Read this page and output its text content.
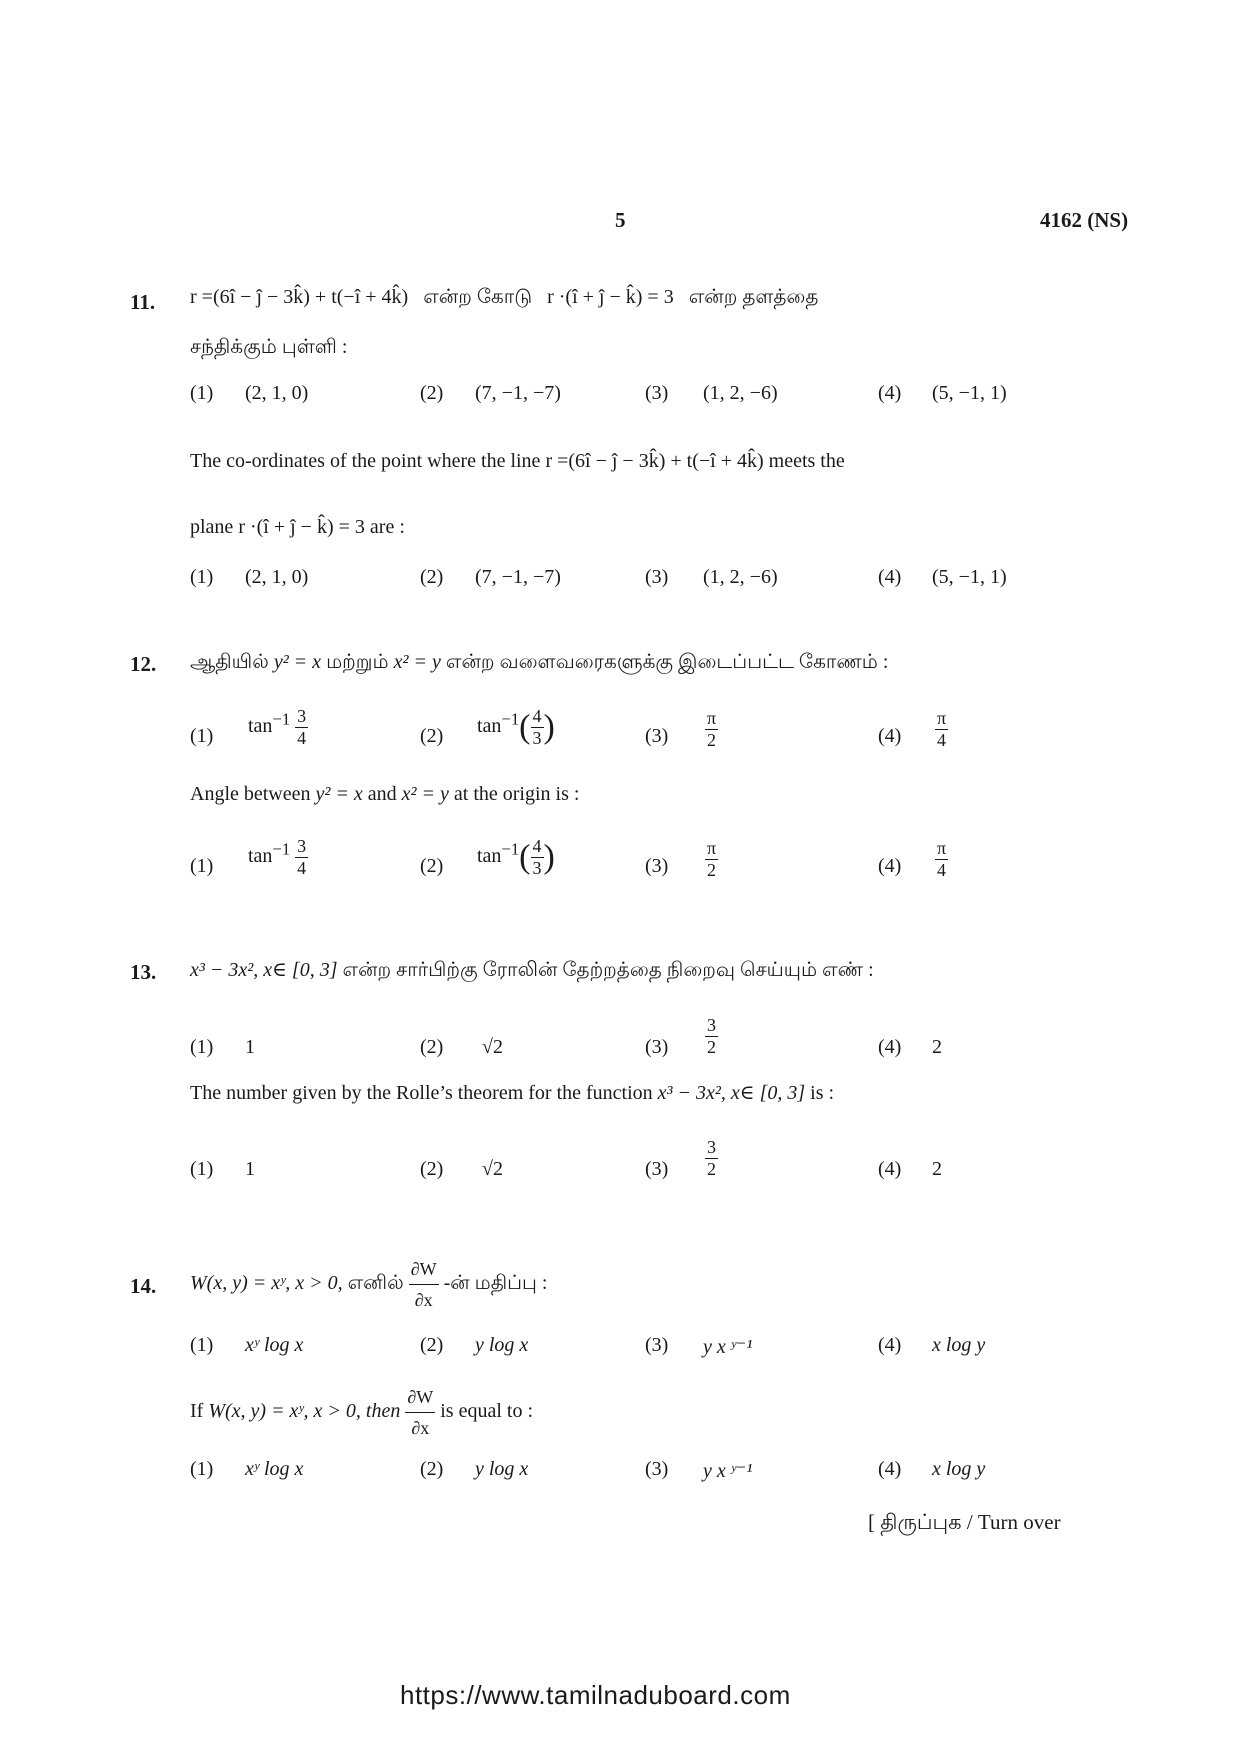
5	4162 (NS)
11. r =(6î − ĵ − 3k̂) + t(−î + 4k̂) என்ற கோடு r ·(î + ĵ − k̂) = 3 என்ற தளத்தை
சந்திக்கும் புள்ளி :
(1) (2, 1, 0)	(2) (7, −1, −7)	(3) (1, 2, −6)	(4) (5, −1, 1)
The co-ordinates of the point where the line r =(6î − ĵ − 3k̂) + t(−î + 4k̂) meets the
plane r ·(î + ĵ − k̂) = 3 are :
(1) (2, 1, 0)	(2) (7, −1, −7)	(3) (1, 2, −6)	(4) (5, −1, 1)
12. ஆதியில் y² = x மற்றும் x² = y என்ற வளைவரைகளுக்கு இடைப்பட்ட கோணம் :
(1) $\tan^{-1} \frac{3}{4}$	(2) $\tan^{-1}( \frac{4}{3}$ )	$(3) \frac{\pi}{2}$	$(4) \frac{\pi}{4}$
Angle between y² = x and x² = y at the origin is :
(1) $\tan^{-1} \frac{3}{4}$	(2) $\tan^{-1}( \frac{4}{3}$ )	$(3) \frac{\pi}{2}$	$(4) \frac{\pi}{4}$
13. x³ − 3x², x∈ [0, 3] என்ற சார்பிற்கு ரோலின் தேற்றத்தை நிறைவு செய்யும் எண் :
(1) 1	(2) √2	$(3) \frac{3}{2}$	(4) 2
The number given by the Rolle’s theorem for the function x³ − 3x², x∈ [0, 3] is :
(1) 1	(2) √2	$(3) \frac{3}{2}$	(4) 2
14. W(x, y) = xʸ, x > 0, எனில் $\frac{\partial W}{\partial x}$ -ன் மதிப்பு :
(1) xʸ log x	(2) y log x	(3) y x ʸ⁻¹	(4) x log y
If W(x, y) = xʸ, x > 0, then $\frac{\partial W}{\partial x}$ is equal to :
(1) xʸ log x	(2) y log x	(3) y x ʸ⁻¹	(4) x log y
[ திருப்புக / Turn over
https://www.tamilnaduboard.com
